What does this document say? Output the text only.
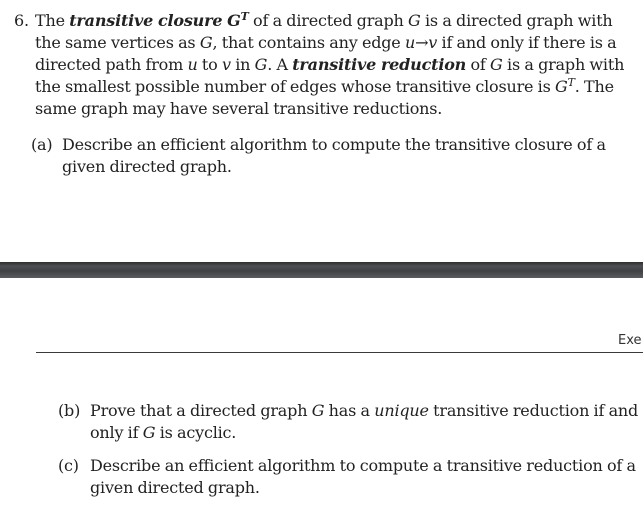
6. The transitive closure $G^T$ of a directed graph G is a directed graph with
the same vertices as G, that contains any edge u→v if and only if there is a
directed path from u to v in G. A transitive reduction of G is a graph with
the smallest possible number of edges whose transitive closure is $G^T$. The
same graph may have several transitive reductions.
(a) Describe an efficient algorithm to compute the transitive closure of a
given directed graph.
Exe
(b) Prove that a directed graph G has a unique transitive reduction if and
only if G is acyclic.
(c) Describe an efficient algorithm to compute a transitive reduction of a
given directed graph.
